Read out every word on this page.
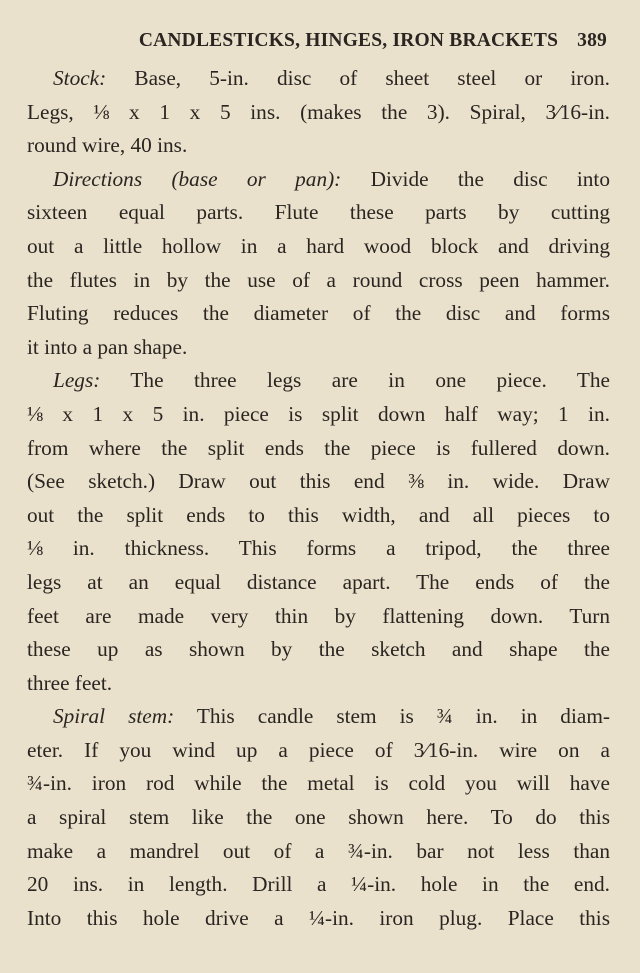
CANDLESTICKS, HINGES, IRON BRACKETS 389
Stock: Base, 5-in. disc of sheet steel or iron.
Legs, ⅛ x 1 x 5 ins. (makes the 3). Spiral, 3⁄16-in.
round wire, 40 ins.
Directions (base or pan): Divide the disc into
sixteen equal parts. Flute these parts by cutting
out a little hollow in a hard wood block and driving
the flutes in by the use of a round cross peen hammer.
Fluting reduces the diameter of the disc and forms
it into a pan shape.
Legs: The three legs are in one piece. The
⅛ x 1 x 5 in. piece is split down half way; 1 in.
from where the split ends the piece is fullered down.
(See sketch.) Draw out this end ⅜ in. wide. Draw
out the split ends to this width, and all pieces to
⅛ in. thickness. This forms a tripod, the three
legs at an equal distance apart. The ends of the
feet are made very thin by flattening down. Turn
these up as shown by the sketch and shape the
three feet.
Spiral stem: This candle stem is ¾ in. in diam-
eter. If you wind up a piece of 3⁄16-in. wire on a
¾-in. iron rod while the metal is cold you will have
a spiral stem like the one shown here. To do this
make a mandrel out of a ¾-in. bar not less than
20 ins. in length. Drill a ¼-in. hole in the end.
Into this hole drive a ¼-in. iron plug. Place this
